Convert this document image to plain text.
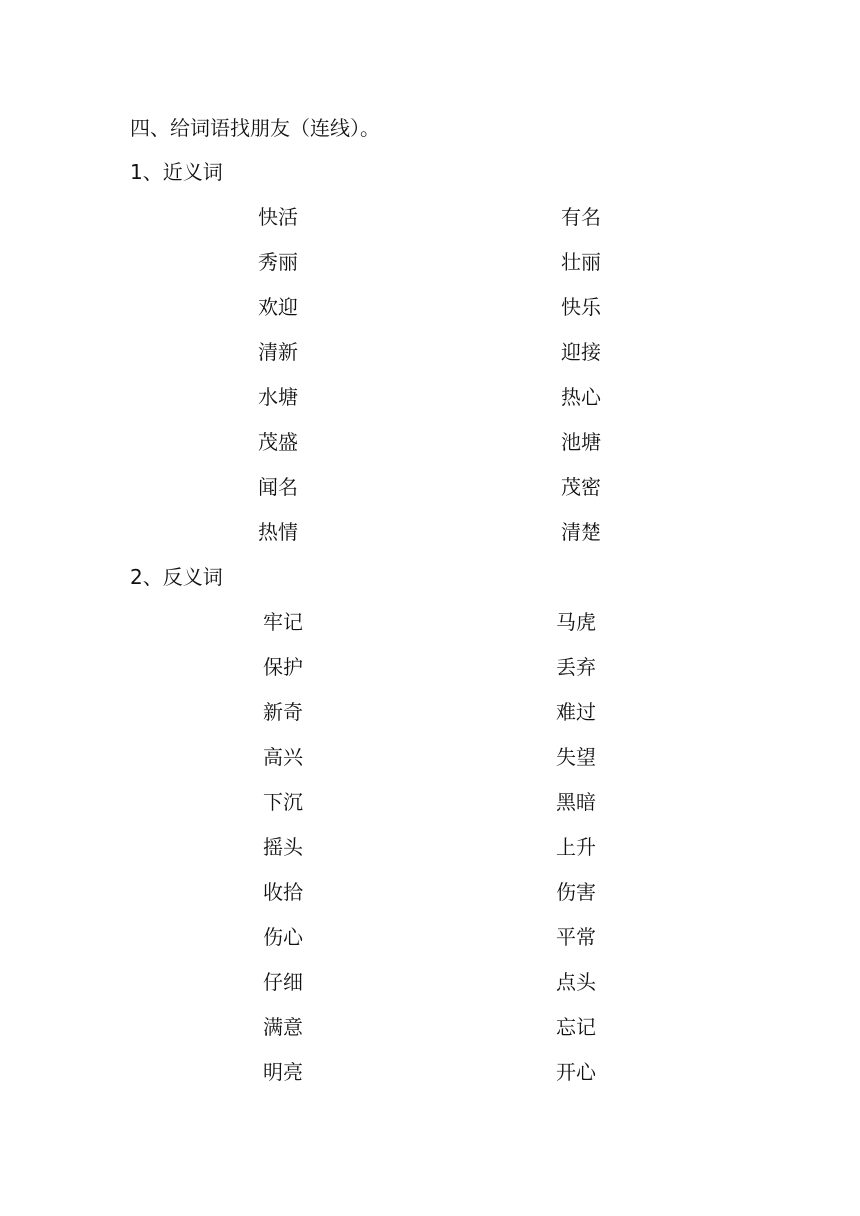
四、给词语找朋友（连线）。
1、近义词
快活	有名
秀丽	壮丽
欢迎	快乐
清新	迎接
水塘	热心
茂盛	池塘
闻名	茂密
热情	清楚
2、反义词
牢记	马虎
保护	丢弃
新奇	难过
高兴	失望
下沉	黑暗
摇头	上升
收拾	伤害
伤心	平常
仔细	点头
满意	忘记
明亮	开心
